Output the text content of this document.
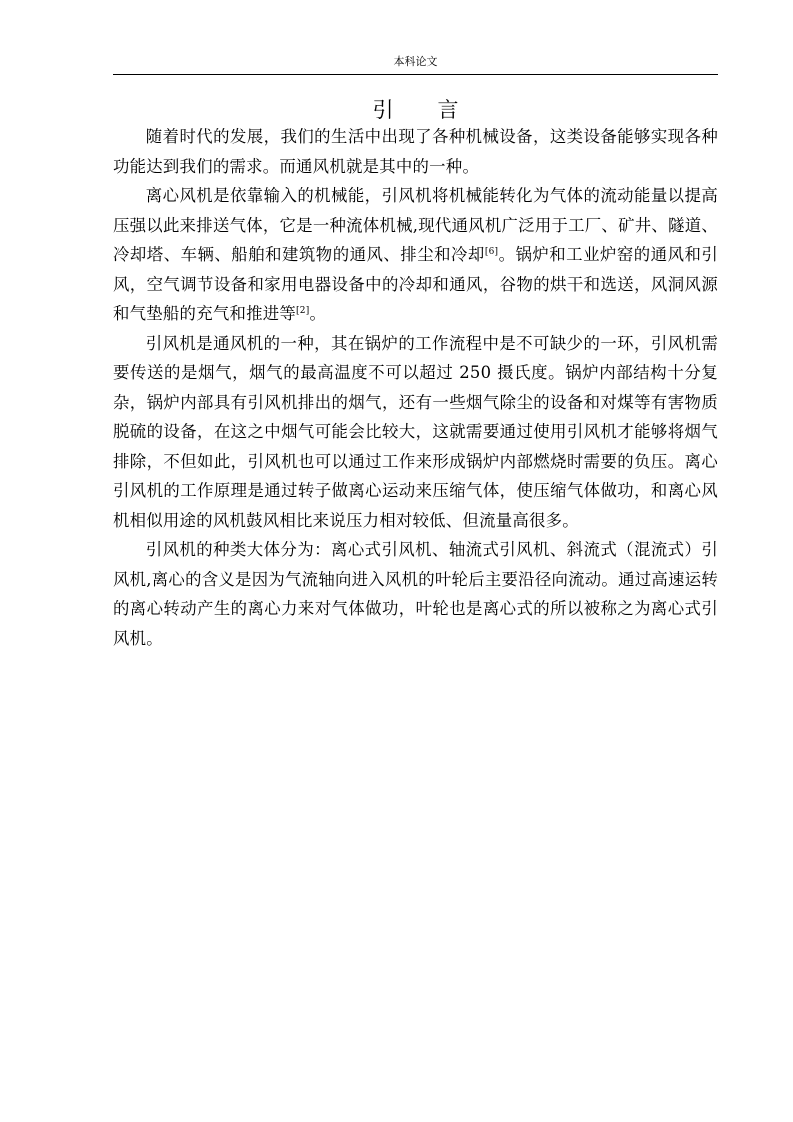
本科论文
引 言

随着时代的发展，我们的生活中出现了各种机械设备，这类设备能够实现各种功能达到我们的需求。而通风机就是其中的一种。

离心风机是依靠输入的机械能，引风机将机械能转化为气体的流动能量以提高压强以此来排送气体，它是一种流体机械,现代通风机广泛用于工厂、矿井、隧道、冷却塔、车辆、船舶和建筑物的通风、排尘和冷却[6]。锅炉和工业炉窑的通风和引风，空气调节设备和家用电器设备中的冷却和通风，谷物的烘干和选送，风洞风源和气垫船的充气和推进等[2]。

引风机是通风机的一种，其在锅炉的工作流程中是不可缺少的一环，引风机需要传送的是烟气，烟气的最高温度不可以超过 250 摄氏度。锅炉内部结构十分复杂，锅炉内部具有引风机排出的烟气，还有一些烟气除尘的设备和对煤等有害物质脱硫的设备，在这之中烟气可能会比较大，这就需要通过使用引风机才能够将烟气排除，不但如此，引风机也可以通过工作来形成锅炉内部燃烧时需要的负压。离心引风机的工作原理是通过转子做离心运动来压缩气体，使压缩气体做功，和离心风机相似用途的风机鼓风相比来说压力相对较低、但流量高很多。

引风机的种类大体分为：离心式引风机、轴流式引风机、斜流式（混流式）引风机,离心的含义是因为气流轴向进入风机的叶轮后主要沿径向流动。通过高速运转的离心转动产生的离心力来对气体做功，叶轮也是离心式的所以被称之为离心式引风机。
